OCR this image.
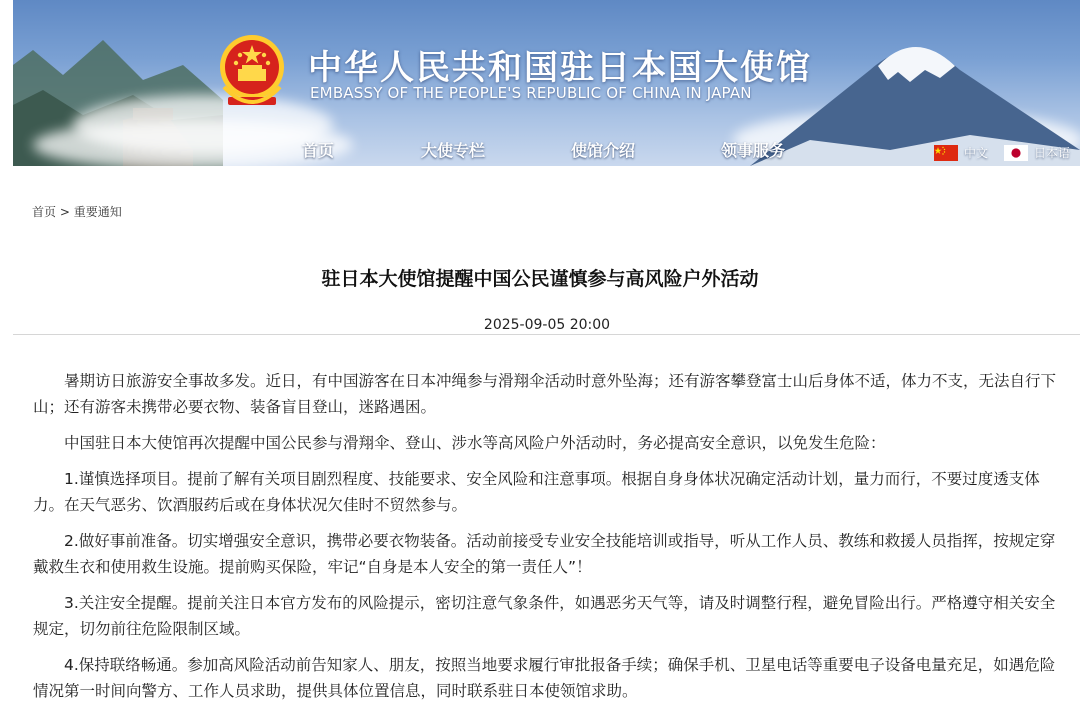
中华人民共和国驻日本国大使馆
EMBASSY OF THE PEOPLE'S REPUBLIC OF CHINA IN JAPAN
首页	大使专栏	使馆介绍	领事服务	中文	日本语
首页 > 重要通知
驻日本大使馆提醒中国公民谨慎参与高风险户外活动
2025-09-05 20:00

暑期访日旅游安全事故多发。近日，有中国游客在日本冲绳参与滑翔伞活动时意外坠海；还有游客攀登富士山后身体不适，体力不支，无法自行下山；还有游客未携带必要衣物、装备盲目登山，迷路遇困。

中国驻日本大使馆再次提醒中国公民参与滑翔伞、登山、涉水等高风险户外活动时，务必提高安全意识，以免发生危险：

1.谨慎选择项目。提前了解有关项目剧烈程度、技能要求、安全风险和注意事项。根据自身身体状况确定活动计划，量力而行，不要过度透支体力。在天气恶劣、饮酒服药后或在身体状况欠佳时不贸然参与。

2.做好事前准备。切实增强安全意识，携带必要衣物装备。活动前接受专业安全技能培训或指导，听从工作人员、教练和救援人员指挥，按规定穿戴救生衣和使用救生设施。提前购买保险，牢记“自身是本人安全的第一责任人”！

3.关注安全提醒。提前关注日本官方发布的风险提示，密切注意气象条件，如遇恶劣天气等，请及时调整行程，避免冒险出行。严格遵守相关安全规定，切勿前往危险限制区域。

4.保持联络畅通。参加高风险活动前告知家人、朋友，按照当地要求履行审批报备手续；确保手机、卫星电话等重要电子设备电量充足，如遇危险情况第一时间向警方、工作人员求助，提供具体位置信息，同时联系驻日本使领馆求助。
